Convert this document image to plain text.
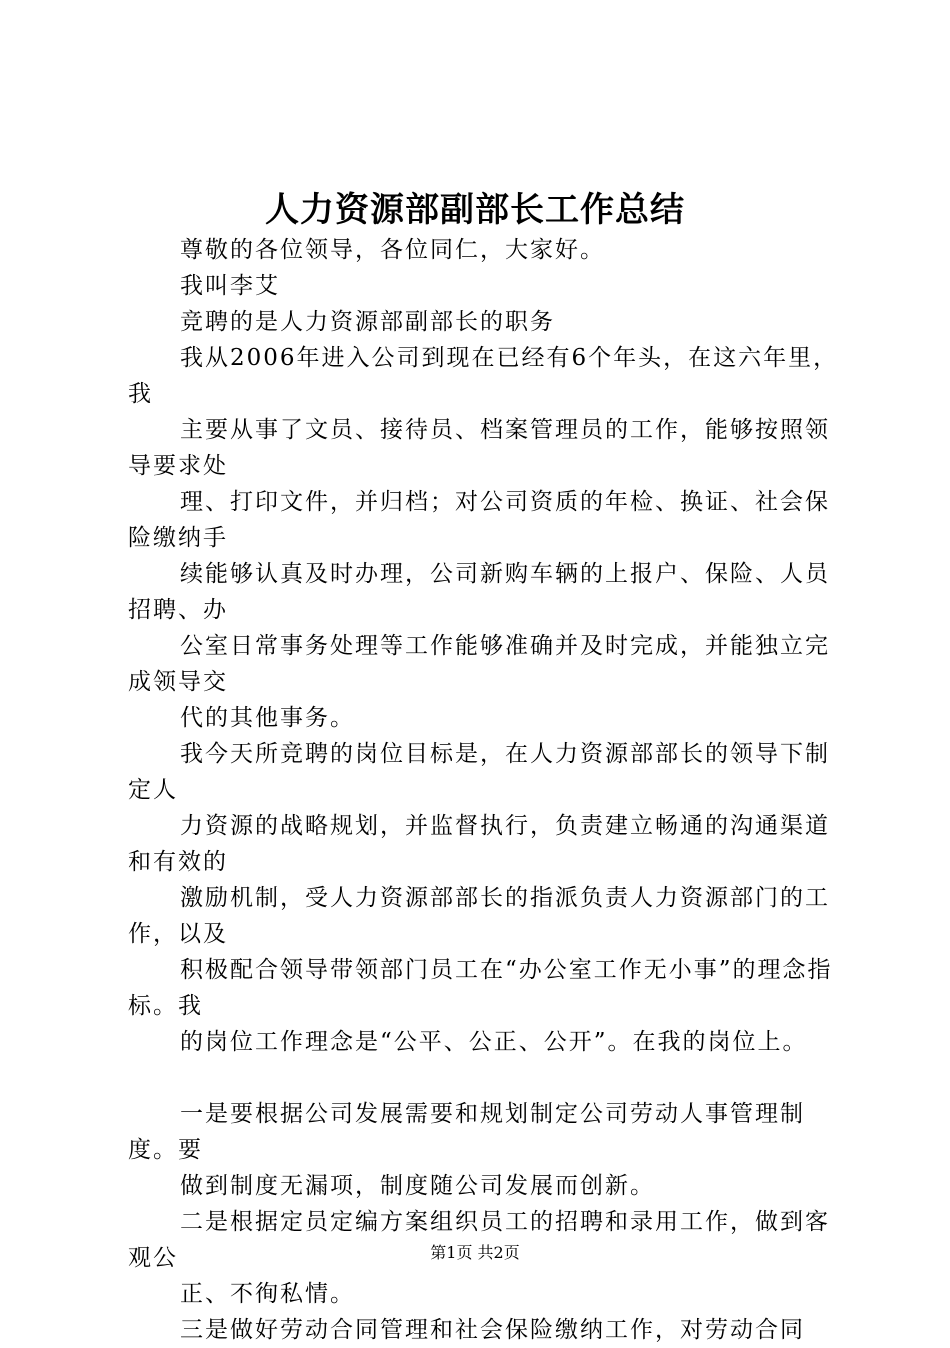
人力资源部副部长工作总结

尊敬的各位领导，各位同仁，大家好。

我叫李艾

竞聘的是人力资源部副部长的职务

我从2006年进入公司到现在已经有6个年头，在这六年里，我

主要从事了文员、接待员、档案管理员的工作，能够按照领导要求处

理、打印文件，并归档；对公司资质的年检、换证、社会保险缴纳手

续能够认真及时办理，公司新购车辆的上报户、保险、人员招聘、办

公室日常事务处理等工作能够准确并及时完成，并能独立完成领导交

代的其他事务。

我今天所竞聘的岗位目标是，在人力资源部部长的领导下制定人

力资源的战略规划，并监督执行，负责建立畅通的沟通渠道和有效的

激励机制，受人力资源部部长的指派负责人力资源部门的工作，以及

积极配合领导带领部门员工在“办公室工作无小事”的理念指标。我

的岗位工作理念是“公平、公正、公开”。在我的岗位上。

一是要根据公司发展需要和规划制定公司劳动人事管理制度。要

做到制度无漏项，制度随公司发展而创新。

二是根据定员定编方案组织员工的招聘和录用工作，做到客观公

正、不徇私情。

三是做好劳动合同管理和社会保险缴纳工作，对劳动合同

第1页 共2页
